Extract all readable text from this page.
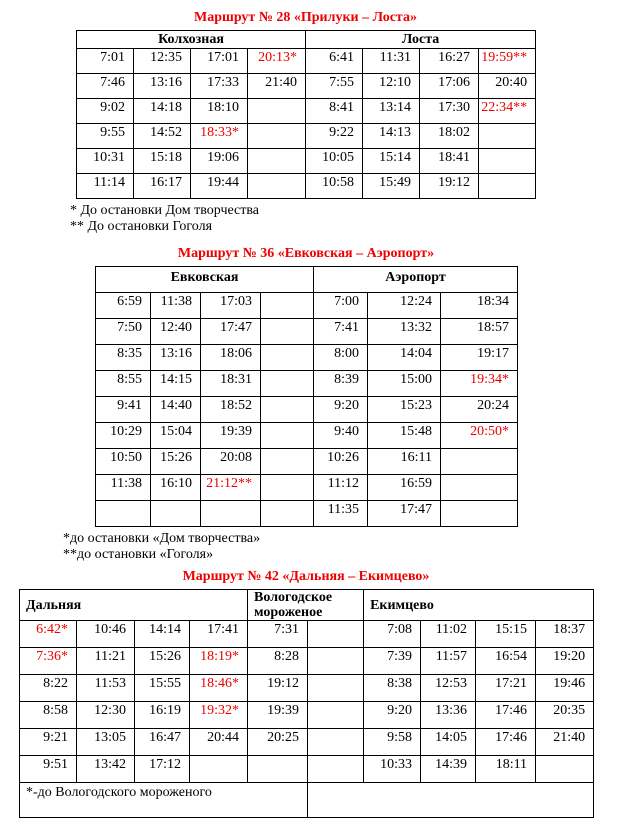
Маршрут № 28 «Прилуки – Лоста»
Колхозная				Лоста			
7:01	12:35	17:01	20:13*	6:41	11:31	16:27	19:59**
7:46	13:16	17:33	21:40	7:55	12:10	17:06	20:40
9:02	14:18	18:10		8:41	13:14	17:30	22:34**
9:55	14:52	18:33*		9:22	14:13	18:02	
10:31	15:18	19:06		10:05	15:14	18:41	
11:14	16:17	19:44		10:58	15:49	19:12	
* До остановки Дом творчества
** До остановки Гоголя
Маршрут № 36 «Евковская – Аэропорт»
Евковская				Аэропорт		
6:59	11:38	17:03		7:00	12:24	18:34
7:50	12:40	17:47		7:41	13:32	18:57
8:35	13:16	18:06		8:00	14:04	19:17
8:55	14:15	18:31		8:39	15:00	19:34*
9:41	14:40	18:52		9:20	15:23	20:24
10:29	15:04	19:39		9:40	15:48	20:50*
10:50	15:26	20:08		10:26	16:11	
11:38	16:10	21:12**		11:12	16:59	
				11:35	17:47	
*до остановки «Дом творчества»
**до остановки «Гоголя»
Маршрут № 42 «Дальняя – Екимцево»
Дальняя				Вологодское мороженое		Екимцево			
6:42*	10:46	14:14	17:41	7:31		7:08	11:02	15:15	18:37
7:36*	11:21	15:26	18:19*	8:28		7:39	11:57	16:54	19:20
8:22	11:53	15:55	18:46*	19:12		8:38	12:53	17:21	19:46
8:58	12:30	16:19	19:32*	19:39		9:20	13:36	17:46	20:35
9:21	13:05	16:47	20:44	20:25		9:58	14:05	17:46	21:40
9:51	13:42	17:12				10:33	14:39	18:11	
*-до Вологодского мороженого									
